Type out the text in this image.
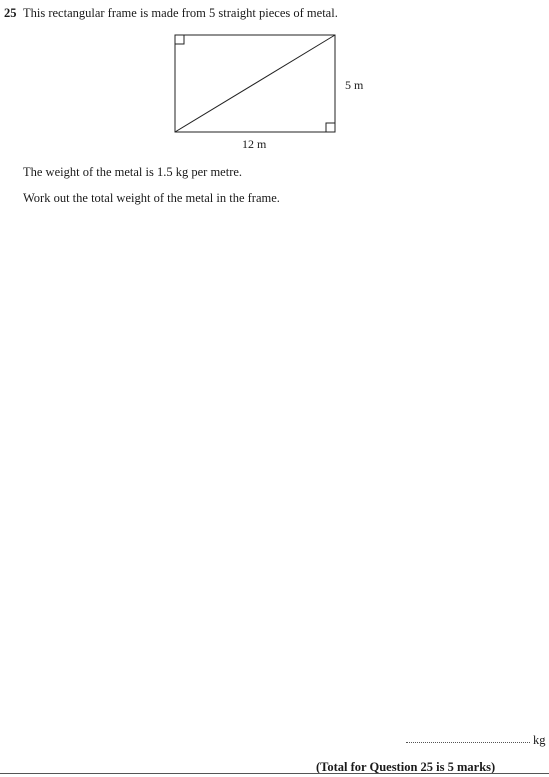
25 This rectangular frame is made from 5 straight pieces of metal.
5 m
12 m
The weight of the metal is 1.5 kg per metre.
Work out the total weight of the metal in the frame.
kg
(Total for Question 25 is 5 marks)
